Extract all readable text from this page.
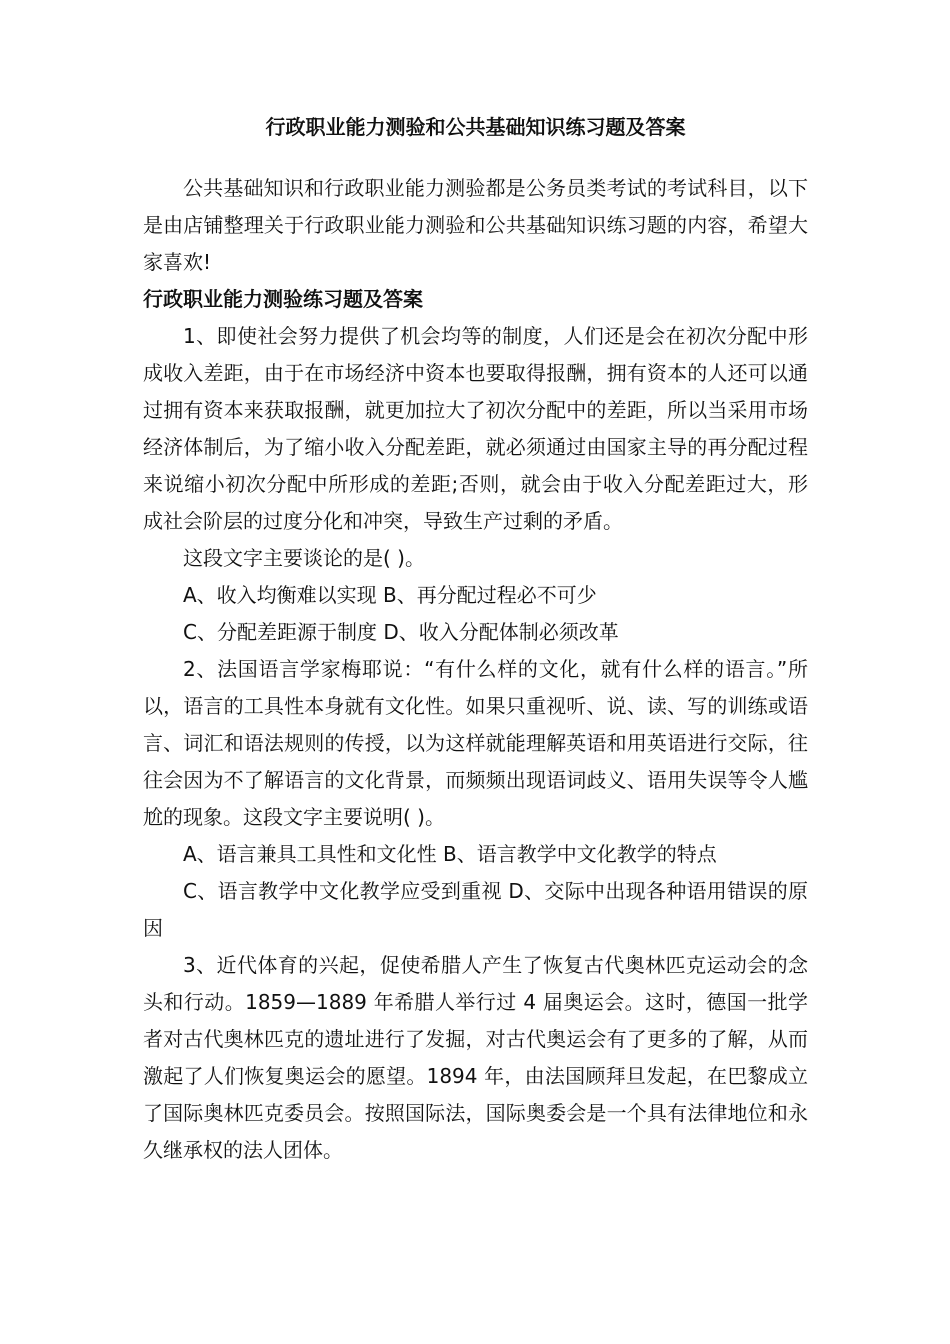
行政职业能力测验和公共基础知识练习题及答案

公共基础知识和行政职业能力测验都是公务员类考试的考试科目，以下是由店铺整理关于行政职业能力测验和公共基础知识练习题的内容，希望大家喜欢!

行政职业能力测验练习题及答案

1、即使社会努力提供了机会均等的制度，人们还是会在初次分配中形成收入差距，由于在市场经济中资本也要取得报酬，拥有资本的人还可以通过拥有资本来获取报酬，就更加拉大了初次分配中的差距，所以当采用市场经济体制后，为了缩小收入分配差距，就必须通过由国家主导的再分配过程来说缩小初次分配中所形成的差距;否则，就会由于收入分配差距过大，形成社会阶层的过度分化和冲突，导致生产过剩的矛盾。

这段文字主要谈论的是( )。

A、收入均衡难以实现 B、再分配过程必不可少

C、分配差距源于制度 D、收入分配体制必须改革

2、法国语言学家梅耶说：“有什么样的文化，就有什么样的语言。”所以，语言的工具性本身就有文化性。如果只重视听、说、读、写的训练或语言、词汇和语法规则的传授，以为这样就能理解英语和用英语进行交际，往往会因为不了解语言的文化背景，而频频出现语词歧义、语用失误等令人尴尬的现象。这段文字主要说明( )。

A、语言兼具工具性和文化性 B、语言教学中文化教学的特点

C、语言教学中文化教学应受到重视 D、交际中出现各种语用错误的原因

3、近代体育的兴起，促使希腊人产生了恢复古代奥林匹克运动会的念头和行动。1859—1889 年希腊人举行过 4 届奥运会。这时，德国一批学者对古代奥林匹克的遗址进行了发掘，对古代奥运会有了更多的了解，从而激起了人们恢复奥运会的愿望。1894 年，由法国顾拜旦发起，在巴黎成立了国际奥林匹克委员会。按照国际法，国际奥委会是一个具有法律地位和永久继承权的法人团体。
